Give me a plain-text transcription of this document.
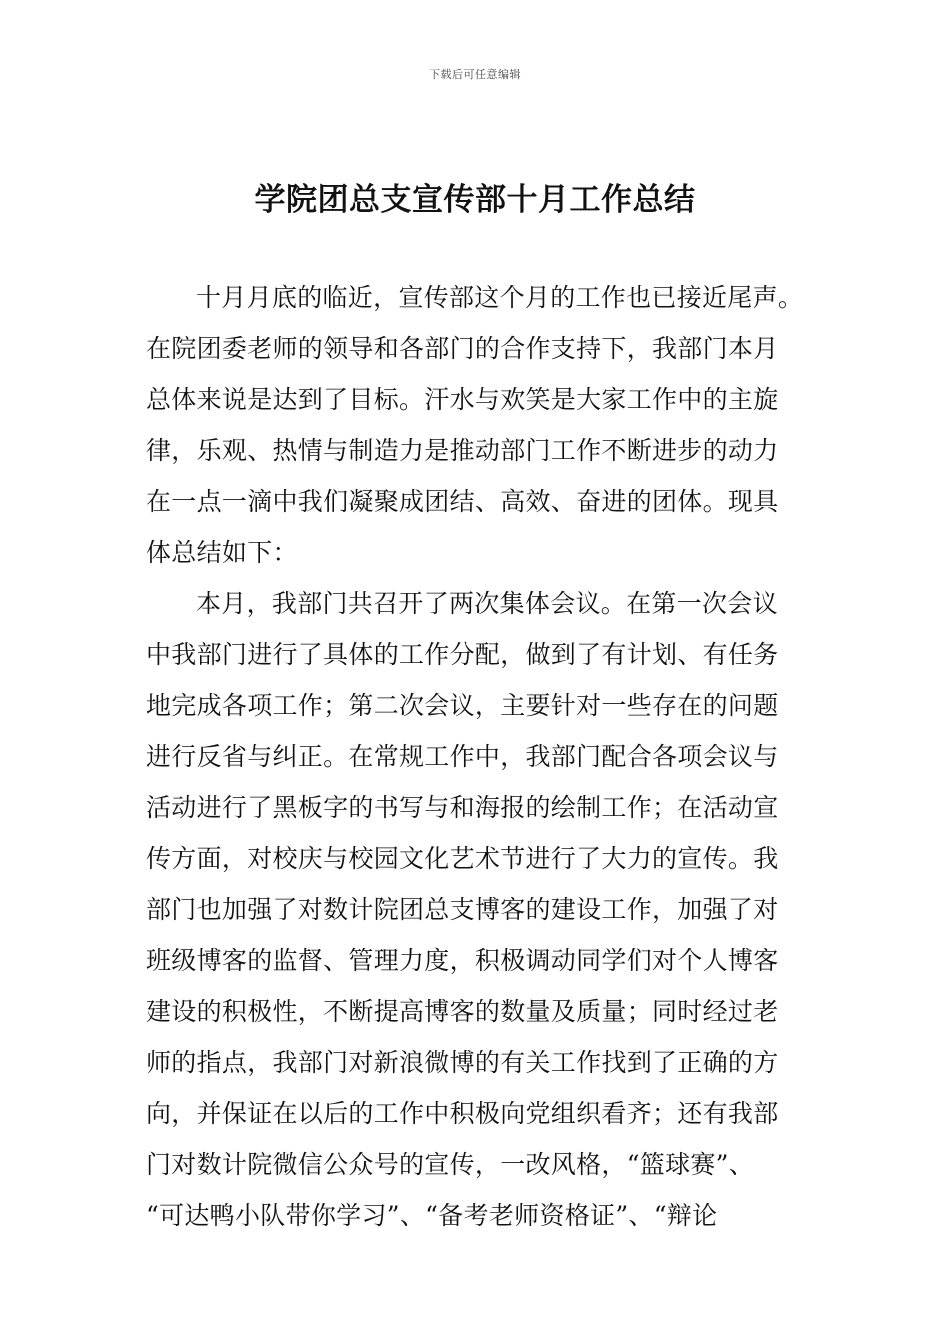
下载后可任意编辑
学院团总支宣传部十月工作总结
十月月底的临近，宣传部这个月的工作也已接近尾声。
在院团委老师的领导和各部门的合作支持下，我部门本月
总体来说是达到了目标。汗水与欢笑是大家工作中的主旋
律，乐观、热情与制造力是推动部门工作不断进步的动力
在一点一滴中我们凝聚成团结、高效、奋进的团体。现具
体总结如下：
本月，我部门共召开了两次集体会议。在第一次会议
中我部门进行了具体的工作分配，做到了有计划、有任务
地完成各项工作；第二次会议，主要针对一些存在的问题
进行反省与纠正。在常规工作中，我部门配合各项会议与
活动进行了黑板字的书写与和海报的绘制工作；在活动宣
传方面，对校庆与校园文化艺术节进行了大力的宣传。我
部门也加强了对数计院团总支博客的建设工作，加强了对
班级博客的监督、管理力度，积极调动同学们对个人博客
建设的积极性，不断提高博客的数量及质量；同时经过老
师的指点，我部门对新浪微博的有关工作找到了正确的方
向，并保证在以后的工作中积极向党组织看齐；还有我部
门对数计院微信公众号的宣传，一改风格，“篮球赛”、
“可达鸭小队带你学习”、“备考老师资格证”、“辩论
